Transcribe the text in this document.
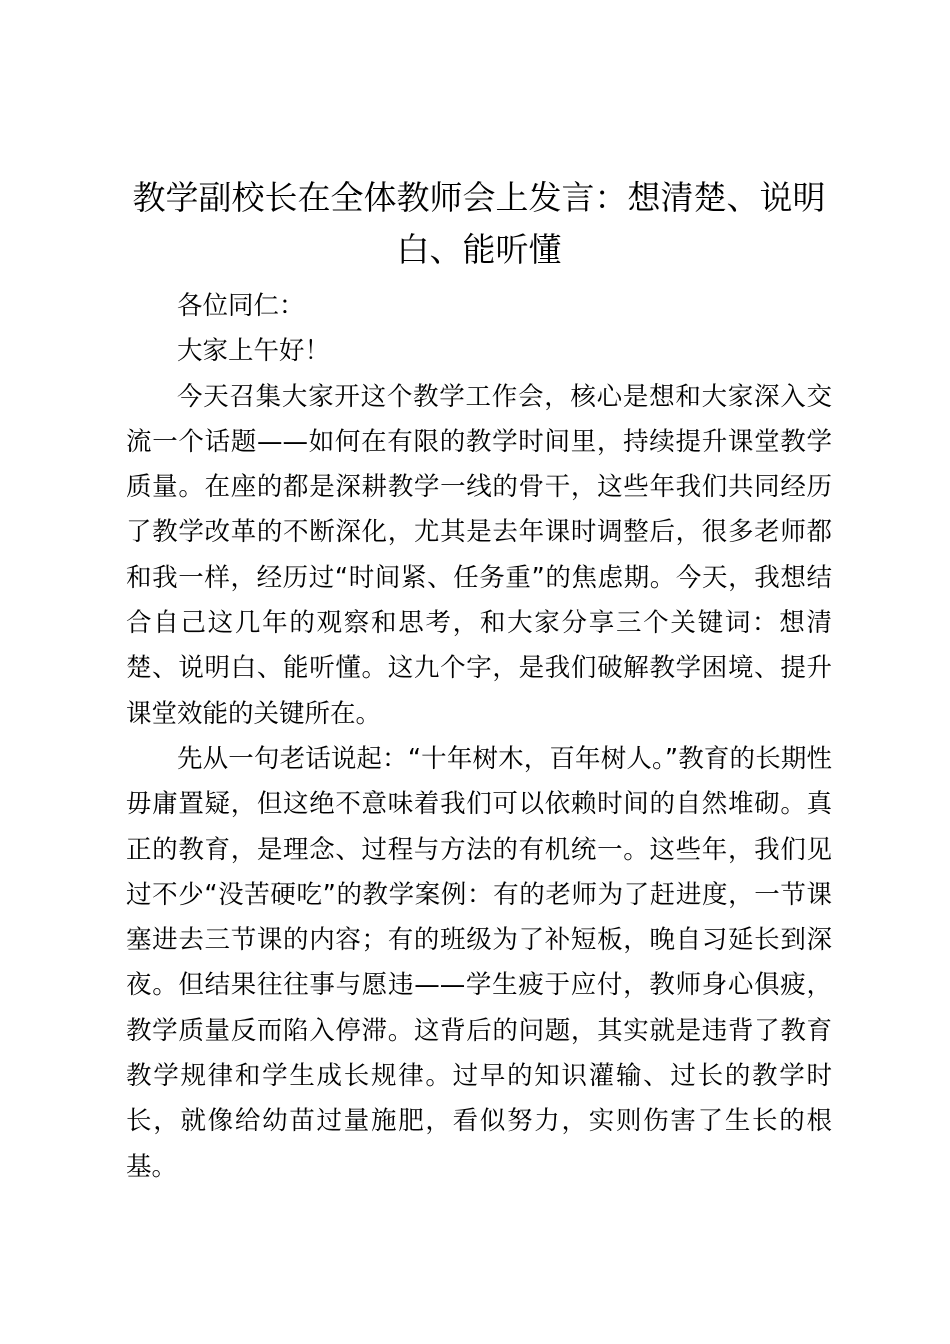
教学副校长在全体教师会上发言：想清楚、说明白、能听懂

各位同仁：

大家上午好！

今天召集大家开这个教学工作会，核心是想和大家深入交流一个话题——如何在有限的教学时间里，持续提升课堂教学质量。在座的都是深耕教学一线的骨干，这些年我们共同经历了教学改革的不断深化，尤其是去年课时调整后，很多老师都和我一样，经历过“时间紧、任务重”的焦虑期。今天，我想结合自己这几年的观察和思考，和大家分享三个关键词：想清楚、说明白、能听懂。这九个字，是我们破解教学困境、提升课堂效能的关键所在。

先从一句老话说起：“十年树木，百年树人。”教育的长期性毋庸置疑，但这绝不意味着我们可以依赖时间的自然堆砌。真正的教育，是理念、过程与方法的有机统一。这些年，我们见过不少“没苦硬吃”的教学案例：有的老师为了赶进度，一节课塞进去三节课的内容；有的班级为了补短板，晚自习延长到深夜。但结果往往事与愿违——学生疲于应付，教师身心俱疲，教学质量反而陷入停滞。这背后的问题，其实就是违背了教育教学规律和学生成长规律。过早的知识灌输、过长的教学时长，就像给幼苗过量施肥，看似努力，实则伤害了生长的根基。
